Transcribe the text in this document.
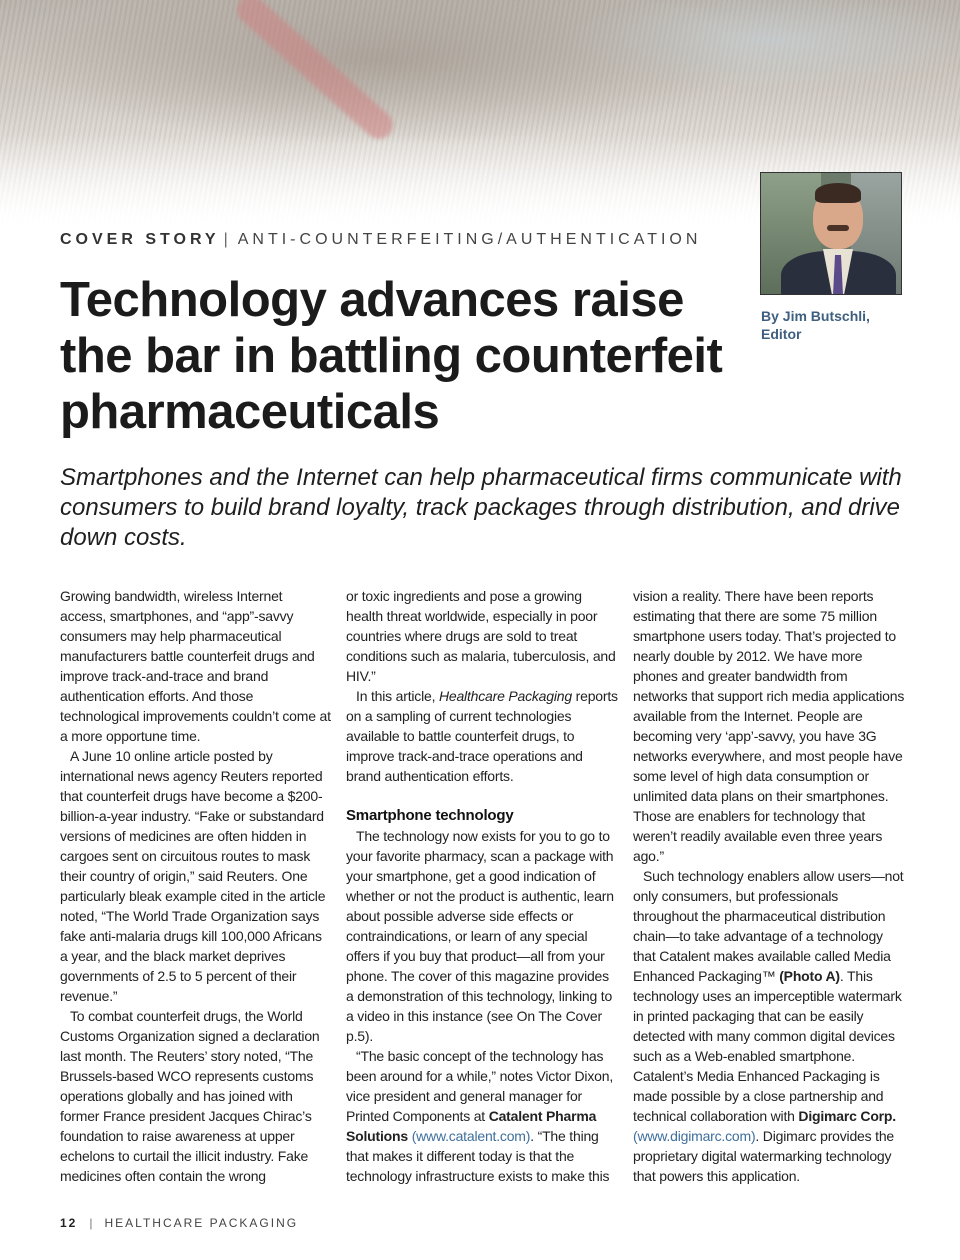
By Jim Butschli,
Editor
COVER STORY | ANTI-COUNTERFEITING/AUTHENTICATION
Technology advances raise the bar in battling counterfeit pharmaceuticals

Smartphones and the Internet can help pharmaceutical firms communicate with consumers to build brand loyalty, track packages through distribution, and drive down costs.

Growing bandwidth, wireless Internet access, smartphones, and “app”-savvy consumers may help pharmaceutical manufacturers battle counterfeit drugs and improve track-and-trace and brand authentication efforts. And those technological improvements couldn’t come at a more opportune time.

A June 10 online article posted by international news agency Reuters reported that counterfeit drugs have become a $200-billion-a-year industry. “Fake or substandard versions of medicines are often hidden in cargoes sent on circuitous routes to mask their country of origin,” said Reuters. One particularly bleak example cited in the article noted, “The World Trade Organization says fake anti-malaria drugs kill 100,000 Africans a year, and the black market deprives governments of 2.5 to 5 percent of their revenue.”

To combat counterfeit drugs, the World Customs Organization signed a declaration last month. The Reuters’ story noted, “The Brussels-based WCO represents customs operations globally and has joined with former France president Jacques Chirac’s foundation to raise awareness at upper echelons to curtail the illicit industry. Fake medicines often contain the wrong

or toxic ingredients and pose a growing health threat worldwide, especially in poor countries where drugs are sold to treat conditions such as malaria, tuberculosis, and HIV.”

In this article, Healthcare Packaging reports on a sampling of current technologies available to battle counterfeit drugs, to improve track-and-trace operations and brand authentication efforts.

Smartphone technology

The technology now exists for you to go to your favorite pharmacy, scan a package with your smartphone, get a good indication of whether or not the product is authentic, learn about possible adverse side effects or contraindications, or learn of any special offers if you buy that product—all from your phone. The cover of this magazine provides a demonstration of this technology, linking to a video in this instance (see On The Cover p.5).

“The basic concept of the technology has been around for a while,” notes Victor Dixon, vice president and general manager for Printed Components at Catalent Pharma Solutions (www.catalent.com). “The thing that makes it different today is that the technology infrastructure exists to make this

vision a reality. There have been reports estimating that there are some 75 million smartphone users today. That’s projected to nearly double by 2012. We have more phones and greater bandwidth from networks that support rich media applications available from the Internet. People are becoming very ‘app’-savvy, you have 3G networks everywhere, and most people have some level of high data consumption or unlimited data plans on their smartphones. Those are enablers for technology that weren’t readily available even three years ago.”

Such technology enablers allow users—not only consumers, but professionals throughout the pharmaceutical distribution chain—to take advantage of a technology that Catalent makes available called Media Enhanced Packaging™ (Photo A). This technology uses an imperceptible watermark in printed packaging that can be easily detected with many common digital devices such as a Web-enabled smartphone. Catalent’s Media Enhanced Packaging is made possible by a close partnership and technical collaboration with Digimarc Corp. (www.digimarc.com). Digimarc provides the proprietary digital watermarking technology that powers this application.

12 | HEALTHCARE PACKAGING
